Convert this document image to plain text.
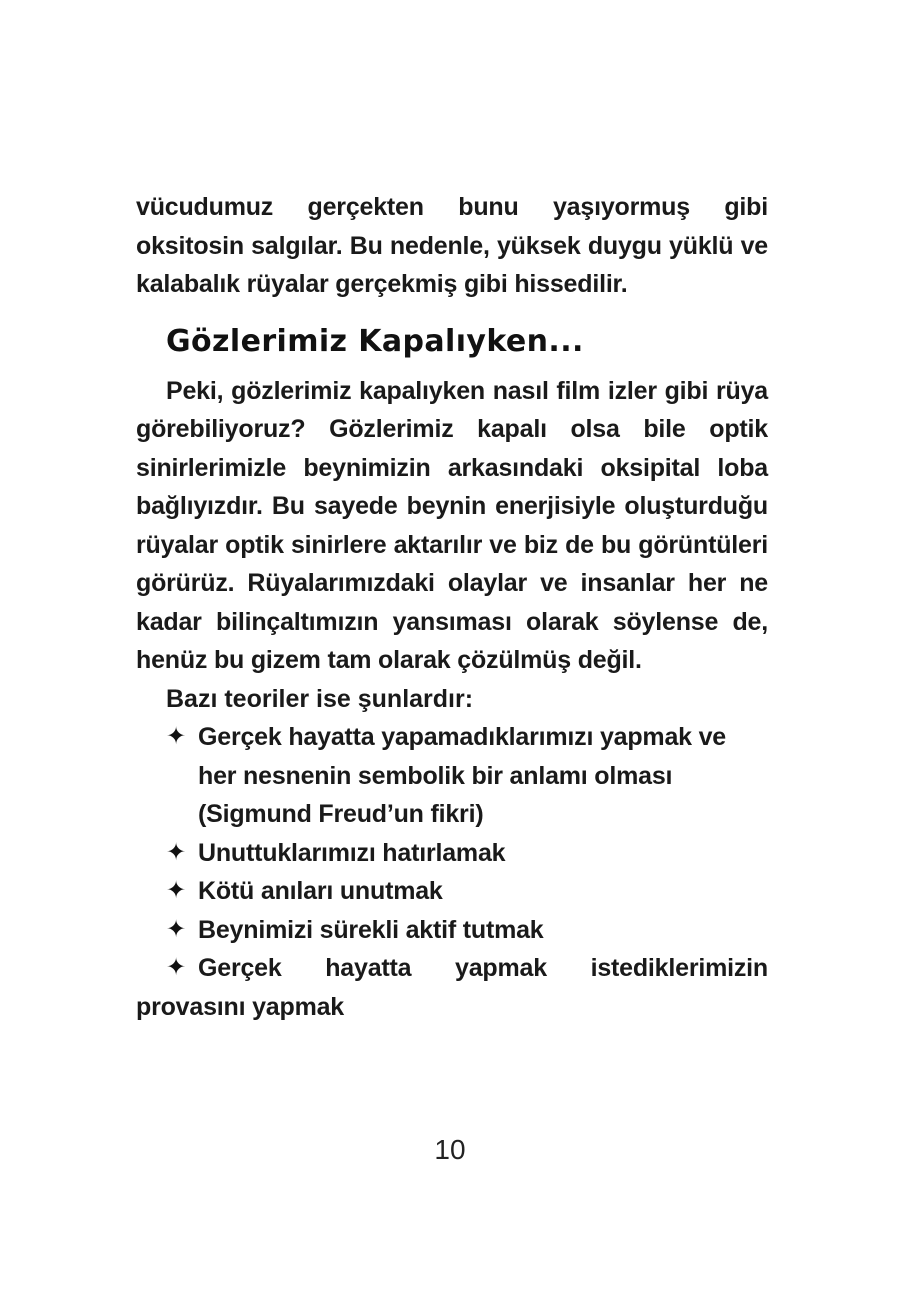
vücudumuz gerçekten bunu yaşıyormuş gibi oksitosin salgılar. Bu nedenle, yüksek duygu yüklü ve kalabalık rüyalar gerçekmiş gibi hissedilir.

Gözlerimiz Kapalıyken...

Peki, gözlerimiz kapalıyken nasıl film izler gibi rüya görebiliyoruz? Gözlerimiz kapalı olsa bile optik sinirlerimizle beynimizin arkasındaki oksipital loba bağlıyızdır. Bu sayede beynin enerjisiyle oluşturduğu rüyalar optik sinirlere aktarılır ve biz de bu görüntüleri görürüz. Rüyalarımızdaki olaylar ve insanlar her ne kadar bilinçaltımızın yansıması olarak söylense de, henüz bu gizem tam olarak çözülmüş değil.

Bazı teoriler ise şunlardır:

✦ Gerçek hayatta yapamadıklarımızı yapmak ve her nesnenin sembolik bir anlamı olması (Sigmund Freud’un fikri)
✦ Unuttuklarımızı hatırlamak
✦ Kötü anıları unutmak
✦ Beynimizi sürekli aktif tutmak
✦ Gerçek hayatta yapmak istediklerimizin provasını yapmak
10
